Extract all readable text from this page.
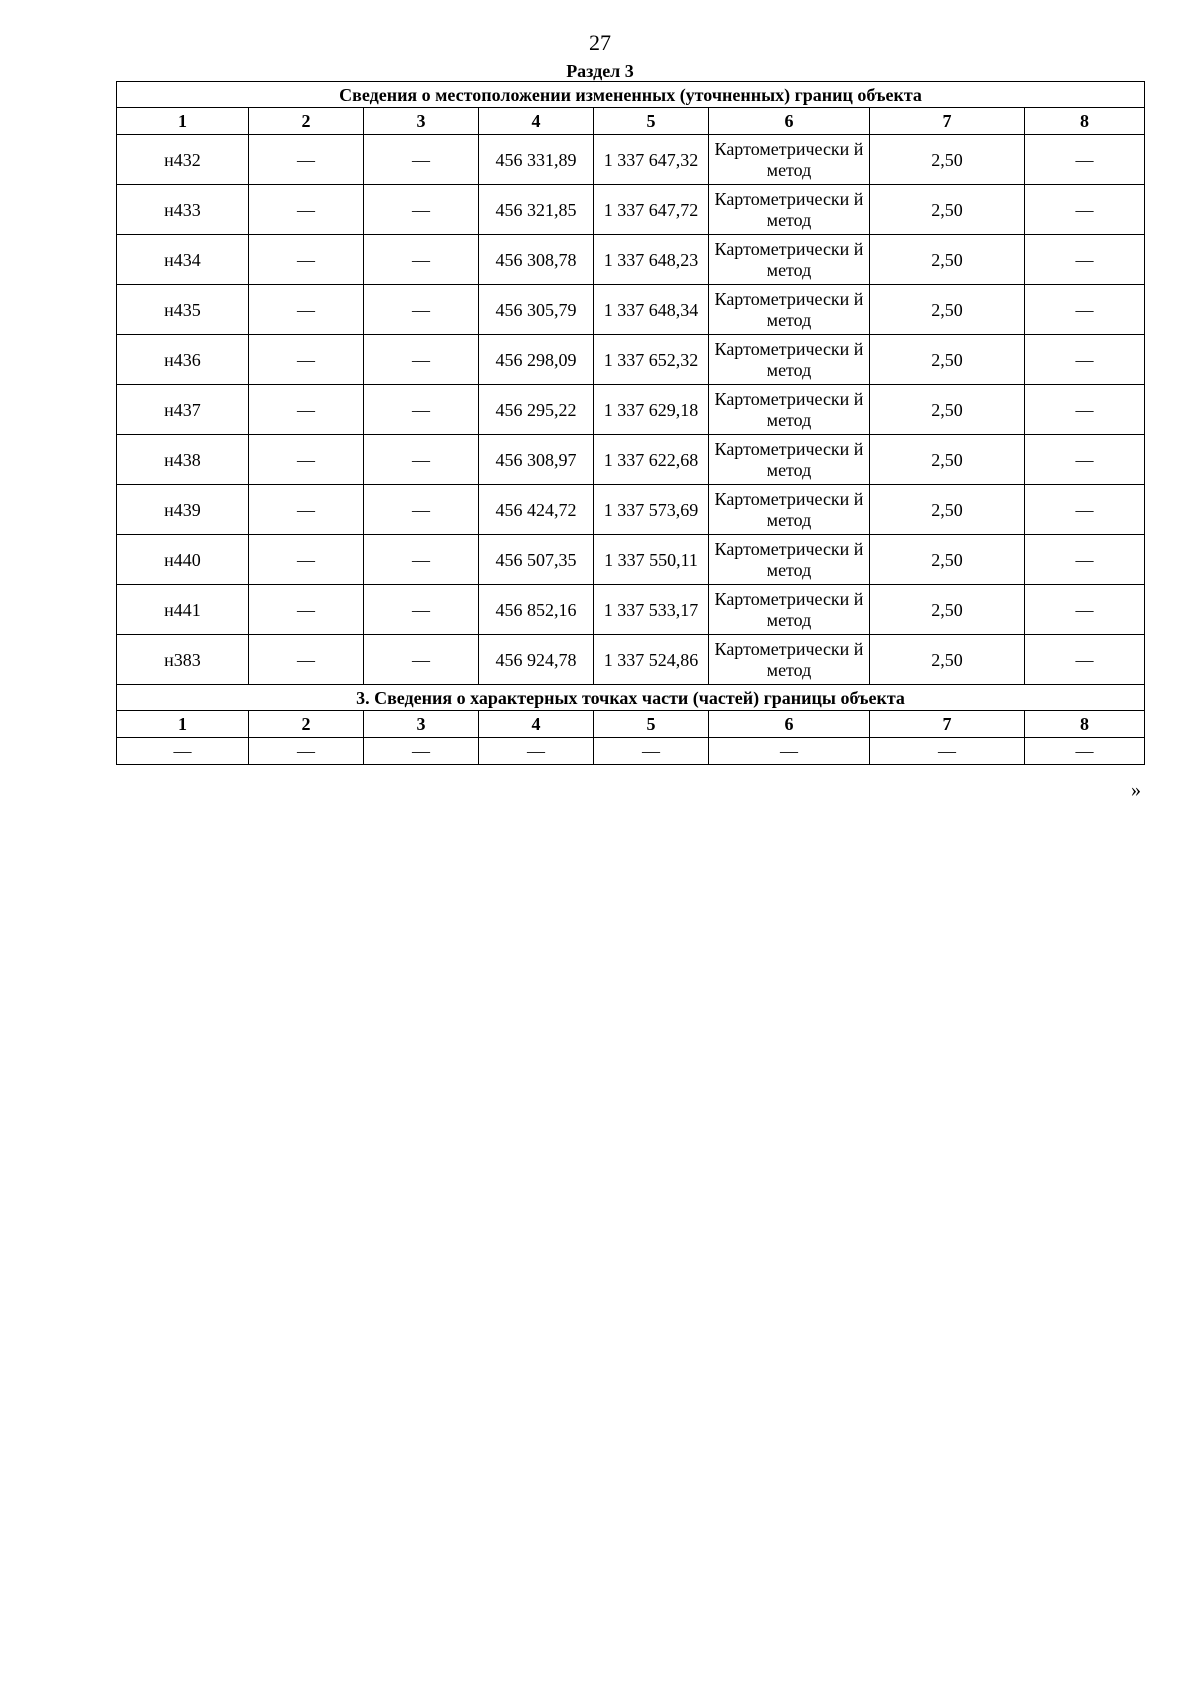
27
Раздел 3
Сведения о местоположении измененных (уточненных) границ объекта							
1	2	3	4	5	6	7	8
н432	—	—	456 331,89	1 337 647,32	Картометрически й метод	2,50	—
н433	—	—	456 321,85	1 337 647,72	Картометрически й метод	2,50	—
н434	—	—	456 308,78	1 337 648,23	Картометрически й метод	2,50	—
н435	—	—	456 305,79	1 337 648,34	Картометрически й метод	2,50	—
н436	—	—	456 298,09	1 337 652,32	Картометрически й метод	2,50	—
н437	—	—	456 295,22	1 337 629,18	Картометрически й метод	2,50	—
н438	—	—	456 308,97	1 337 622,68	Картометрически й метод	2,50	—
н439	—	—	456 424,72	1 337 573,69	Картометрически й метод	2,50	—
н440	—	—	456 507,35	1 337 550,11	Картометрически й метод	2,50	—
н441	—	—	456 852,16	1 337 533,17	Картометрически й метод	2,50	—
н383	—	—	456 924,78	1 337 524,86	Картометрически й метод	2,50	—
3. Сведения о характерных точках части (частей) границы объекта							
1	2	3	4	5	6	7	8
—	—	—	—	—	—	—	—
»
